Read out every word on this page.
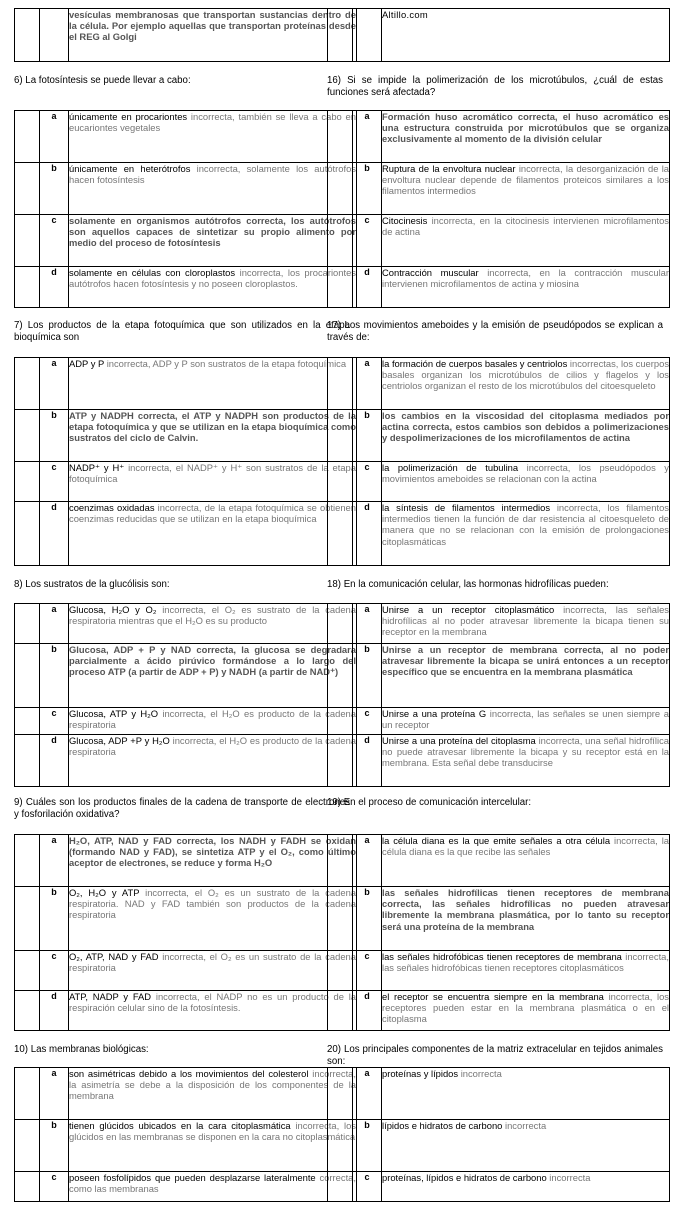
		vesículas membranosas que transportan sustancias dentro de la célula. Por ejemplo aquellas que transportan proteínas desde el REG al Golgi
6) La fotosíntesis se puede llevar a cabo:
	a	únicamente en procariontes incorrecta, también se lleva a cabo en eucariontes vegetales
	b	únicamente en heterótrofos incorrecta, solamente los autótrofos hacen fotosíntesis
	c	solamente en organismos autótrofos correcta, los autótrofos son aquellos capaces de sintetizar su propio alimento por medio del proceso de fotosíntesis
	d	solamente en células con cloroplastos incorrecta, los procariontes autótrofos hacen fotosíntesis y no poseen cloroplastos.
7) Los productos de la etapa fotoquímica que son utilizados en la etapa bioquímica son
	a	ADP y P incorrecta, ADP y P son sustratos de la etapa fotoquímica
	b	ATP y NADPH correcta, el ATP y NADPH son productos de la etapa fotoquímica y que se utilizan en la etapa bioquímica como sustratos del ciclo de Calvin.
	c	NADP⁺ y H⁺ incorrecta, el NADP⁺ y H⁺ son sustratos de la etapa fotoquímica
	d	coenzimas oxidadas incorrecta, de la etapa fotoquímica se obtienen coenzimas reducidas que se utilizan en la etapa bioquímica
8) Los sustratos de la glucólisis son:
	a	Glucosa, H₂O y O₂ incorrecta, el O₂ es sustrato de la cadena respiratoria mientras que el H₂O es su producto
	b	Glucosa, ADP + P y NAD correcta, la glucosa se degradara parcialmente a ácido pirúvico formándose a lo largo del proceso ATP (a partir de ADP + P) y NADH (a partir de NAD⁺)
	c	Glucosa, ATP y H₂O incorrecta, el H₂O es producto de la cadena respiratoria
	d	Glucosa, ADP +P y H₂O incorrecta, el H₂O es producto de la cadena respiratoria
9) Cuáles son los productos finales de la cadena de transporte de electrones y fosforilación oxidativa?
	a	H₂O, ATP, NAD y FAD correcta, los NADH y FADH se oxidan (formando NAD y FAD), se sintetiza ATP y el O₂, como último aceptor de electrones, se reduce y forma H₂O
	b	O₂, H₂O y ATP incorrecta, el O₂ es un sustrato de la cadena respiratoria. NAD y FAD también son productos de la cadena respiratoria
	c	O₂, ATP, NAD y FAD incorrecta, el O₂ es un sustrato de la cadena respiratoria
	d	ATP, NADP y FAD incorrecta, el NADP no es un producto de la respiración celular sino de la fotosíntesis.
10) Las membranas biológicas:
	a	son asimétricas debido a los movimientos del colesterol incorrecta, la asimetría se debe a la disposición de los componentes de la membrana
	b	tienen glúcidos ubicados en la cara citoplasmática incorrecta, los glúcidos en las membranas se disponen en la cara no citoplasmática
	c	poseen fosfolípidos que pueden desplazarse lateralmente correcta, como las membranas
		Altillo.com
16) Si se impide la polimerización de los microtúbulos, ¿cuál de estas funciones será afectada?
	a	Formación huso acromático correcta, el huso acromático es una estructura construida por microtúbulos que se organiza exclusivamente al momento de la división celular
	b	Ruptura de la envoltura nuclear incorrecta, la desorganización de la envoltura nuclear depende de filamentos proteicos similares a los filamentos intermedios
	c	Citocinesis incorrecta, en la citocinesis intervienen microfilamentos de actina
	d	Contracción muscular incorrecta, en la contracción muscular intervienen microfilamentos de actina y miosina
17) Los movimientos ameboides y la emisión de pseudópodos se explican a través de:
	a	la formación de cuerpos basales y centriolos incorrectas, los cuerpos basales organizan los microtúbulos de cilios y flagelos y los centriolos organizan el resto de los microtúbulos del citoesqueleto
	b	los cambios en la viscosidad del citoplasma mediados por actina correcta, estos cambios son debidos a polimerizaciones y despolimerizaciones de los microfilamentos de actina
	c	la polimerización de tubulina incorrecta, los pseudópodos y movimientos ameboides se relacionan con la actina
	d	la síntesis de filamentos intermedios incorrecta, los filamentos intermedios tienen la función de dar resistencia al citoesqueleto de manera que no se relacionan con la emisión de prolongaciones citoplasmáticas
18) En la comunicación celular, las hormonas hidrofílicas pueden:
	a	Unirse a un receptor citoplasmático incorrecta, las señales hidrofílicas al no poder atravesar libremente la bicapa tienen su receptor en la membrana
	b	Unirse a un receptor de membrana correcta, al no poder atravesar libremente la bicapa se unirá entonces a un receptor específico que se encuentra en la membrana plasmática
	c	Unirse a una proteína G incorrecta, las señales se unen siempre a un receptor
	d	Unirse a una proteína del citoplasma incorrecta, una señal hidrofílica no puede atravesar libremente la bicapa y su receptor está en la membrana. Esta señal debe transducirse
19) En el proceso de comunicación intercelular:
	a	la célula diana es la que emite señales a otra célula incorrecta, la célula diana es la que recibe las señales
	b	las señales hidrofílicas tienen receptores de membrana correcta, las señales hidrofílicas no pueden atravesar libremente la membrana plasmática, por lo tanto su receptor será una proteína de la membrana
	c	las señales hidrofóbicas tienen receptores de membrana incorrecta, las señales hidrofóbicas tienen receptores citoplasmáticos
	d	el receptor se encuentra siempre en la membrana incorrecta, los receptores pueden estar en la membrana plasmática o en el citoplasma
20) Los principales componentes de la matriz extracelular en tejidos animales son:
	a	proteínas y lípidos incorrecta
	b	lípidos e hidratos de carbono incorrecta
	c	proteínas, lípidos e hidratos de carbono incorrecta
